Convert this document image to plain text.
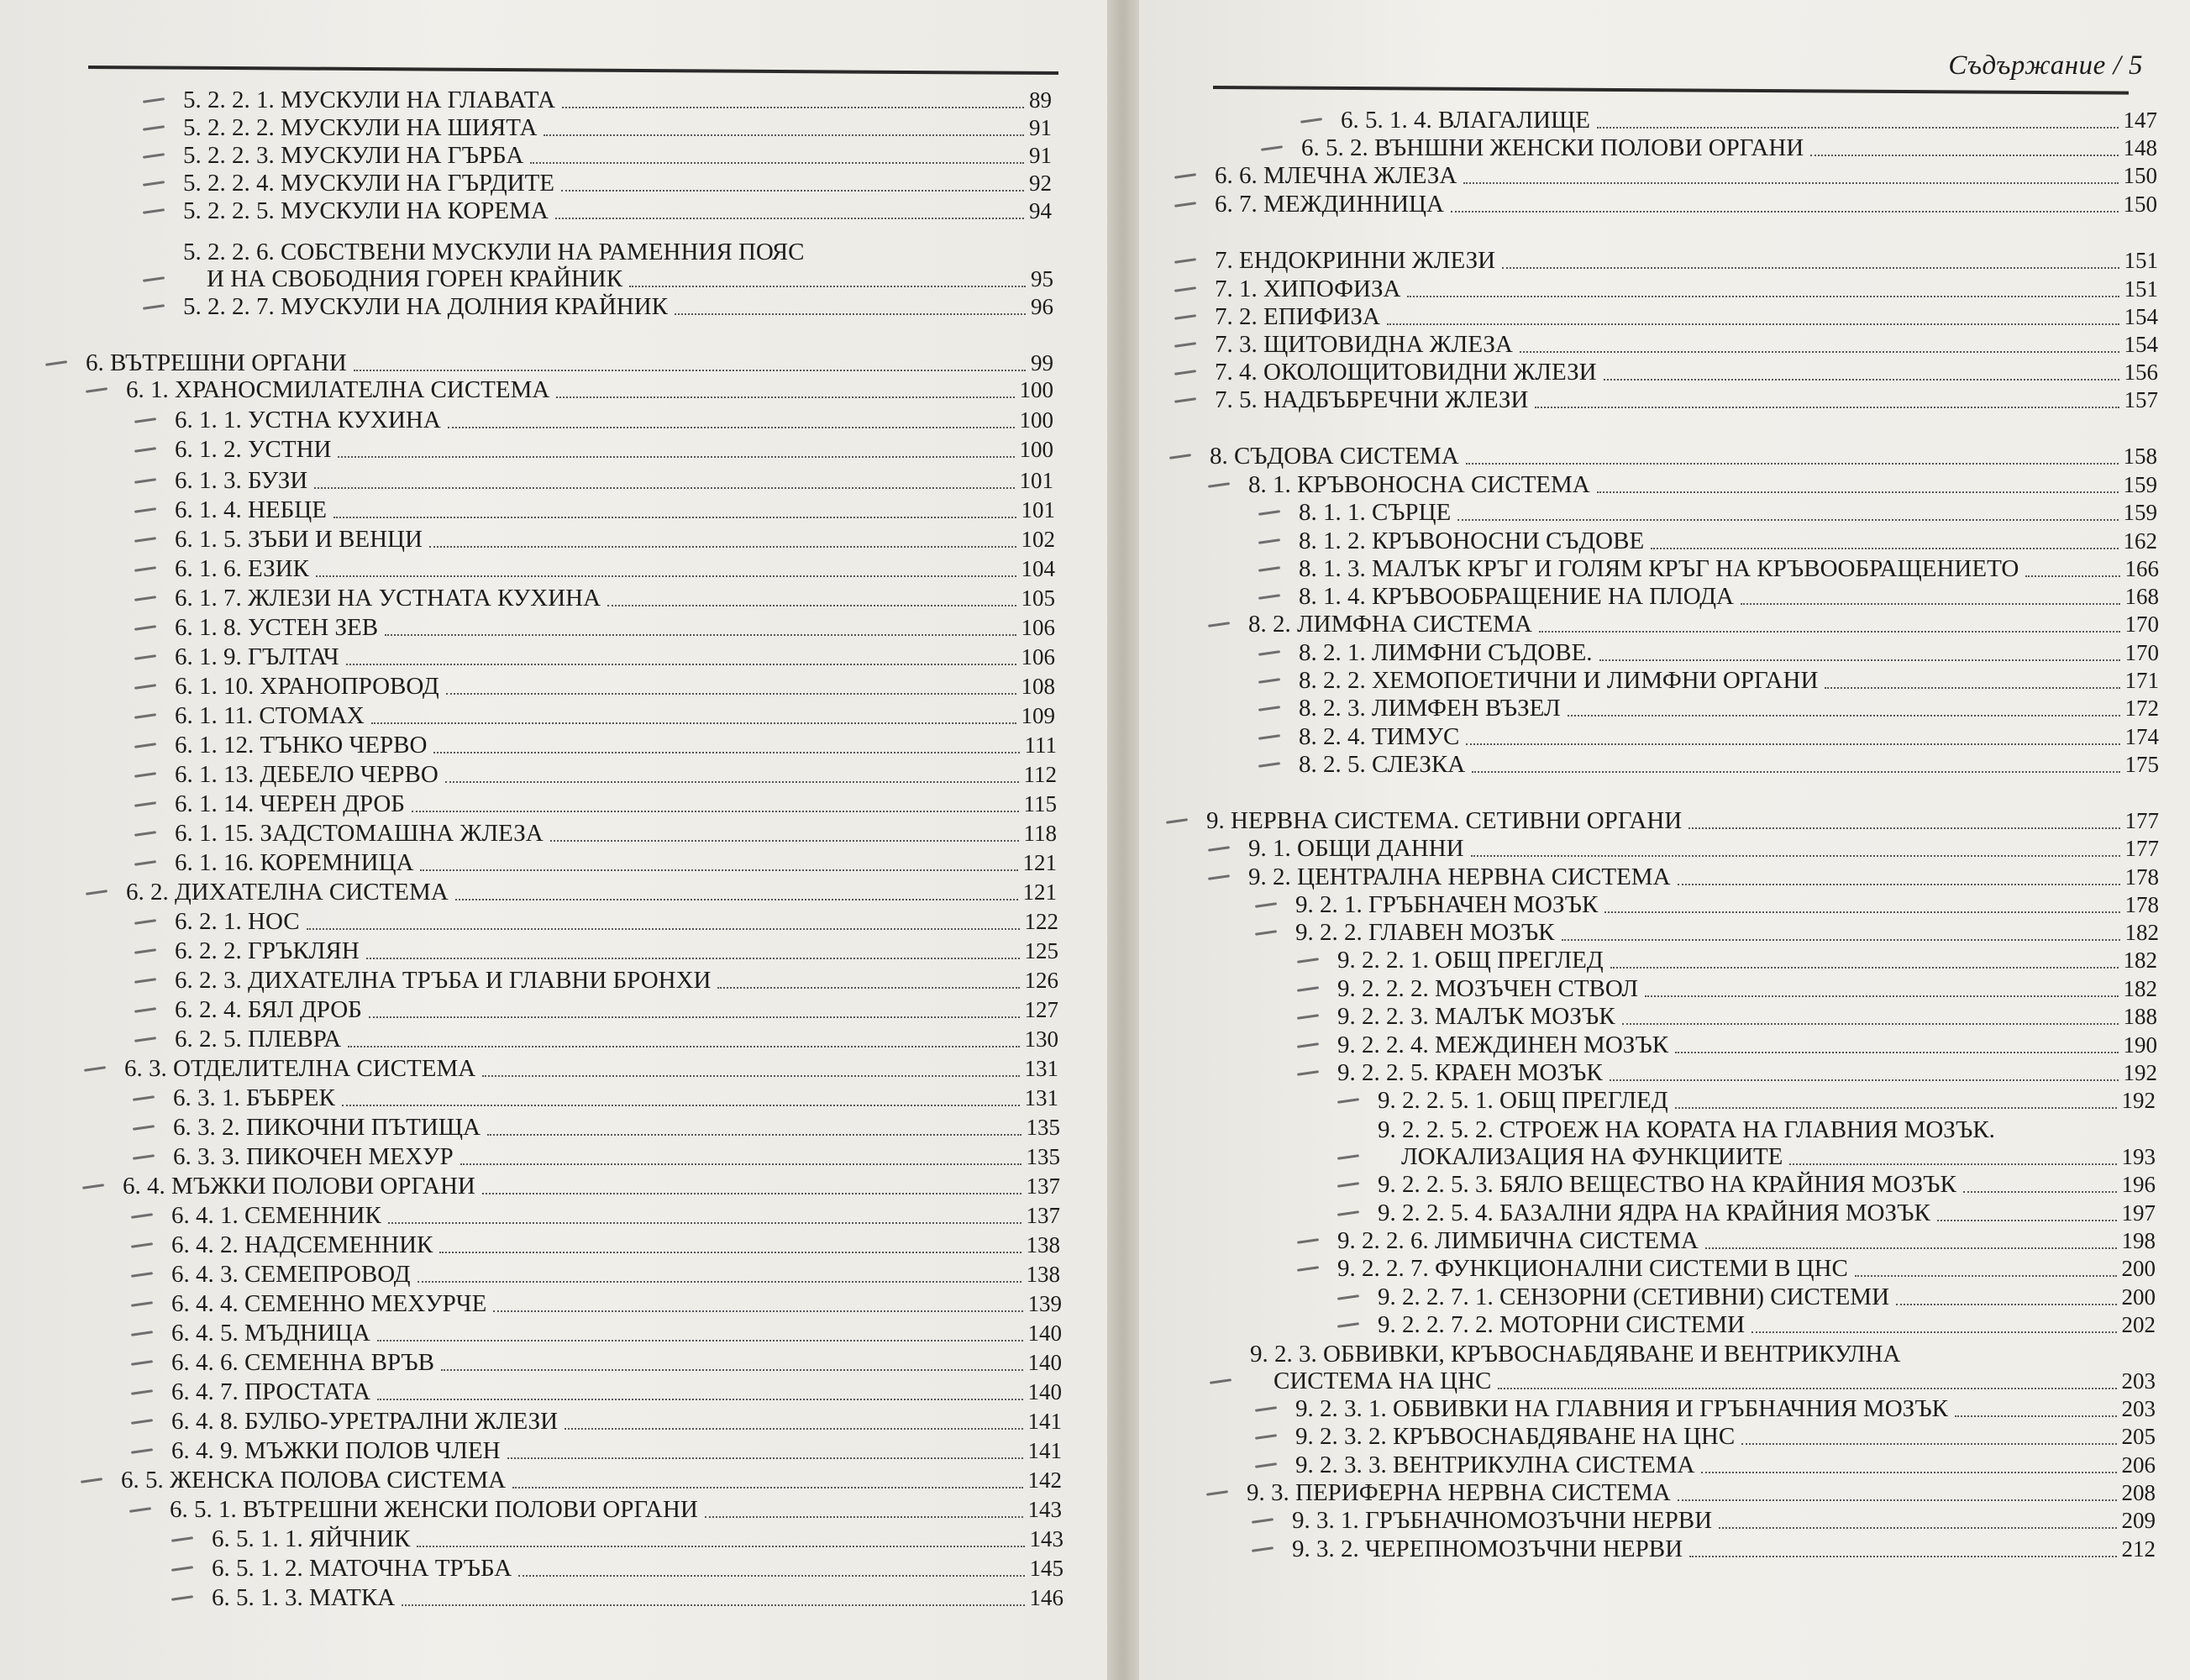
5. 2. 2. 1. МУСКУЛИ НА ГЛАВАТА	89
5. 2. 2. 2. МУСКУЛИ НА ШИЯТА	91
5. 2. 2. 3. МУСКУЛИ НА ГЪРБА	91
5. 2. 2. 4. МУСКУЛИ НА ГЪРДИТЕ	92
5. 2. 2. 5. МУСКУЛИ НА КОРЕМА	94
5. 2. 2. 6. СОБСТВЕНИ МУСКУЛИ НА РАМЕННИЯ ПОЯС
И НА СВОБОДНИЯ ГОРЕН КРАЙНИК	95
5. 2. 2. 7. МУСКУЛИ НА ДОЛНИЯ КРАЙНИК	96
6. ВЪТРЕШНИ ОРГАНИ	99
6. 1. ХРАНОСМИЛАТЕЛНА СИСТЕМА	100
6. 1. 1. УСТНА КУХИНА	100
6. 1. 2. УСТНИ	100
6. 1. 3. БУЗИ	101
6. 1. 4. НЕБЦЕ	101
6. 1. 5. ЗЪБИ И ВЕНЦИ	102
6. 1. 6. ЕЗИК	104
6. 1. 7. ЖЛЕЗИ НА УСТНАТА КУХИНА	105
6. 1. 8. УСТЕН ЗЕВ	106
6. 1. 9. ГЪЛТАЧ	106
6. 1. 10. ХРАНОПРОВОД	108
6. 1. 11. СТОМАХ	109
6. 1. 12. ТЪНКО ЧЕРВО	111
6. 1. 13. ДЕБЕЛО ЧЕРВО	112
6. 1. 14. ЧЕРЕН ДРОБ	115
6. 1. 15. ЗАДСТОМАШНА ЖЛЕЗА	118
6. 1. 16. КОРЕМНИЦА	121
6. 2. ДИХАТЕЛНА СИСТЕМА	121
6. 2. 1. НОС	122
6. 2. 2. ГРЪКЛЯН	125
6. 2. 3. ДИХАТЕЛНА ТРЪБА И ГЛАВНИ БРОНХИ	126
6. 2. 4. БЯЛ ДРОБ	127
6. 2. 5. ПЛЕВРА	130
6. 3. ОТДЕЛИТЕЛНА СИСТЕМА	131
6. 3. 1. БЪБРЕК	131
6. 3. 2. ПИКОЧНИ ПЪТИЩА	135
6. 3. 3. ПИКОЧЕН МЕХУР	135
6. 4. МЪЖКИ ПОЛОВИ ОРГАНИ	137
6. 4. 1. СЕМЕННИК	137
6. 4. 2. НАДСЕМЕННИК	138
6. 4. 3. СЕМЕПРОВОД	138
6. 4. 4. СЕМЕННО МЕХУРЧЕ	139
6. 4. 5. МЪДНИЦА	140
6. 4. 6. СЕМЕННА ВРЪВ	140
6. 4. 7. ПРОСТАТА	140
6. 4. 8. БУЛБО-УРЕТРАЛНИ ЖЛЕЗИ	141
6. 4. 9. МЪЖКИ ПОЛОВ ЧЛЕН	141
6. 5. ЖЕНСКА ПОЛОВА СИСТЕМА	142
6. 5. 1. ВЪТРЕШНИ ЖЕНСКИ ПОЛОВИ ОРГАНИ	143
6. 5. 1. 1. ЯЙЧНИК	143
6. 5. 1. 2. МАТОЧНА ТРЪБА	145
6. 5. 1. 3. МАТКА	146
Съдържание / 5
6. 5. 1. 4. ВЛАГАЛИЩЕ	147
6. 5. 2. ВЪНШНИ ЖЕНСКИ ПОЛОВИ ОРГАНИ	148
6. 6. МЛЕЧНА ЖЛЕЗА	150
6. 7. МЕЖДИННИЦА	150
7. ЕНДОКРИННИ ЖЛЕЗИ	151
7. 1. ХИПОФИЗА	151
7. 2. ЕПИФИЗА	154
7. 3. ЩИТОВИДНА ЖЛЕЗА	154
7. 4. ОКОЛОЩИТОВИДНИ ЖЛЕЗИ	156
7. 5. НАДБЪБРЕЧНИ ЖЛЕЗИ	157
8. СЪДОВА СИСТЕМА	158
8. 1. КРЪВОНОСНА СИСТЕМА	159
8. 1. 1. СЪРЦЕ	159
8. 1. 2. КРЪВОНОСНИ СЪДОВЕ	162
8. 1. 3. МАЛЪК КРЪГ И ГОЛЯМ КРЪГ НА КРЪВООБРАЩЕНИЕТО	166
8. 1. 4. КРЪВООБРАЩЕНИЕ НА ПЛОДА	168
8. 2. ЛИМФНА СИСТЕМА	170
8. 2. 1. ЛИМФНИ СЪДОВЕ.	170
8. 2. 2. ХЕМОПОЕТИЧНИ И ЛИМФНИ ОРГАНИ	171
8. 2. 3. ЛИМФЕН ВЪЗЕЛ	172
8. 2. 4. ТИМУС	174
8. 2. 5. СЛЕЗКА	175
9. НЕРВНА СИСТЕМА. СЕТИВНИ ОРГАНИ	177
9. 1. ОБЩИ ДАННИ	177
9. 2. ЦЕНТРАЛНА НЕРВНА СИСТЕМА	178
9. 2. 1. ГРЪБНАЧЕН МОЗЪК	178
9. 2. 2. ГЛАВЕН МОЗЪК	182
9. 2. 2. 1. ОБЩ ПРЕГЛЕД	182
9. 2. 2. 2. МОЗЪЧЕН СТВОЛ	182
9. 2. 2. 3. МАЛЪК МОЗЪК	188
9. 2. 2. 4. МЕЖДИНЕН МОЗЪК	190
9. 2. 2. 5. КРАЕН МОЗЪК	192
9. 2. 2. 5. 1. ОБЩ ПРЕГЛЕД	192
9. 2. 2. 5. 2. СТРОЕЖ НА КОРАТА НА ГЛАВНИЯ МОЗЪК.
ЛОКАЛИЗАЦИЯ НА ФУНКЦИИТЕ	193
9. 2. 2. 5. 3. БЯЛО ВЕЩЕСТВО НА КРАЙНИЯ МОЗЪК	196
9. 2. 2. 5. 4. БАЗАЛНИ ЯДРА НА КРАЙНИЯ МОЗЪК	197
9. 2. 2. 6. ЛИМБИЧНА СИСТЕМА	198
9. 2. 2. 7. ФУНКЦИОНАЛНИ СИСТЕМИ В ЦНС	200
9. 2. 2. 7. 1. СЕНЗОРНИ (СЕТИВНИ) СИСТЕМИ	200
9. 2. 2. 7. 2. МОТОРНИ СИСТЕМИ	202
9. 2. 3. ОБВИВКИ, КРЪВОСНАБДЯВАНЕ И ВЕНТРИКУЛНА
СИСТЕМА НА ЦНС	203
9. 2. 3. 1. ОБВИВКИ НА ГЛАВНИЯ И ГРЪБНАЧНИЯ МОЗЪК	203
9. 2. 3. 2. КРЪВОСНАБДЯВАНЕ НА ЦНС	205
9. 2. 3. 3. ВЕНТРИКУЛНА СИСТЕМА	206
9. 3. ПЕРИФЕРНА НЕРВНА СИСТЕМА	208
9. 3. 1. ГРЪБНАЧНОМОЗЪЧНИ НЕРВИ	209
9. 3. 2. ЧЕРЕПНОМОЗЪЧНИ НЕРВИ	212
